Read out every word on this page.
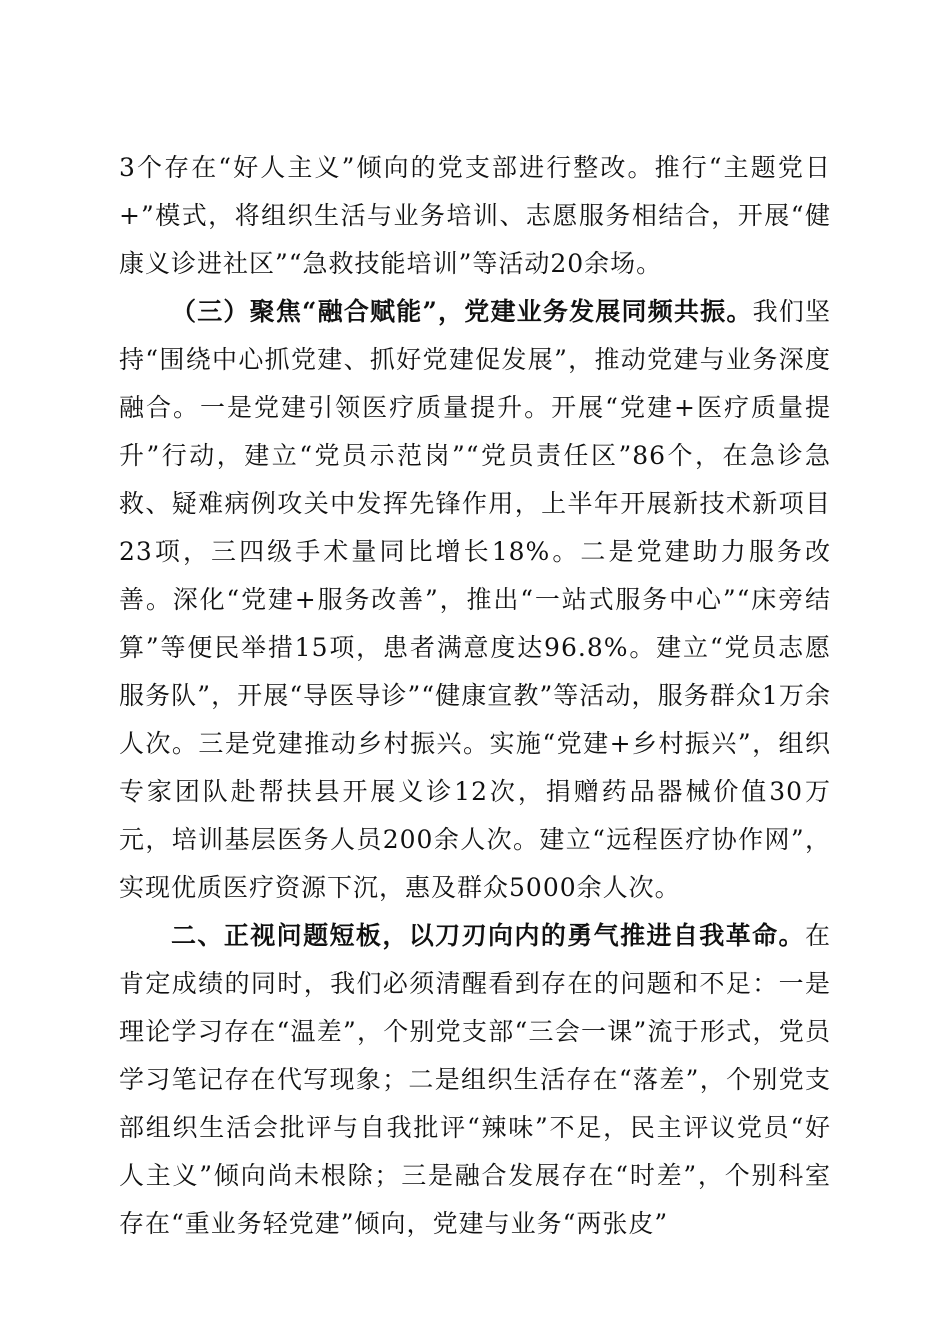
3个存在“好人主义”倾向的党支部进行整改。推行“主题党日+”模式，将组织生活与业务培训、志愿服务相结合，开展“健康义诊进社区”“急救技能培训”等活动20余场。

（三）聚焦“融合赋能”，党建业务发展同频共振。我们坚持“围绕中心抓党建、抓好党建促发展”，推动党建与业务深度融合。一是党建引领医疗质量提升。开展“党建+医疗质量提升”行动，建立“党员示范岗”“党员责任区”86个，在急诊急救、疑难病例攻关中发挥先锋作用，上半年开展新技术新项目23项，三四级手术量同比增长18%。二是党建助力服务改善。深化“党建+服务改善”，推出“一站式服务中心”“床旁结算”等便民举措15项，患者满意度达96.8%。建立“党员志愿服务队”，开展“导医导诊”“健康宣教”等活动，服务群众1万余人次。三是党建推动乡村振兴。实施“党建+乡村振兴”，组织专家团队赴帮扶县开展义诊12次，捐赠药品器械价值30万元，培训基层医务人员200余人次。建立“远程医疗协作网”，实现优质医疗资源下沉，惠及群众5000余人次。

二、正视问题短板，以刀刃向内的勇气推进自我革命。在肯定成绩的同时，我们必须清醒看到存在的问题和不足：一是理论学习存在“温差”，个别党支部“三会一课”流于形式，党员学习笔记存在代写现象；二是组织生活存在“落差”，个别党支部组织生活会批评与自我批评“辣味”不足，民主评议党员“好人主义”倾向尚未根除；三是融合发展存在“时差”，个别科室存在“重业务轻党建”倾向，党建与业务“两张皮”
